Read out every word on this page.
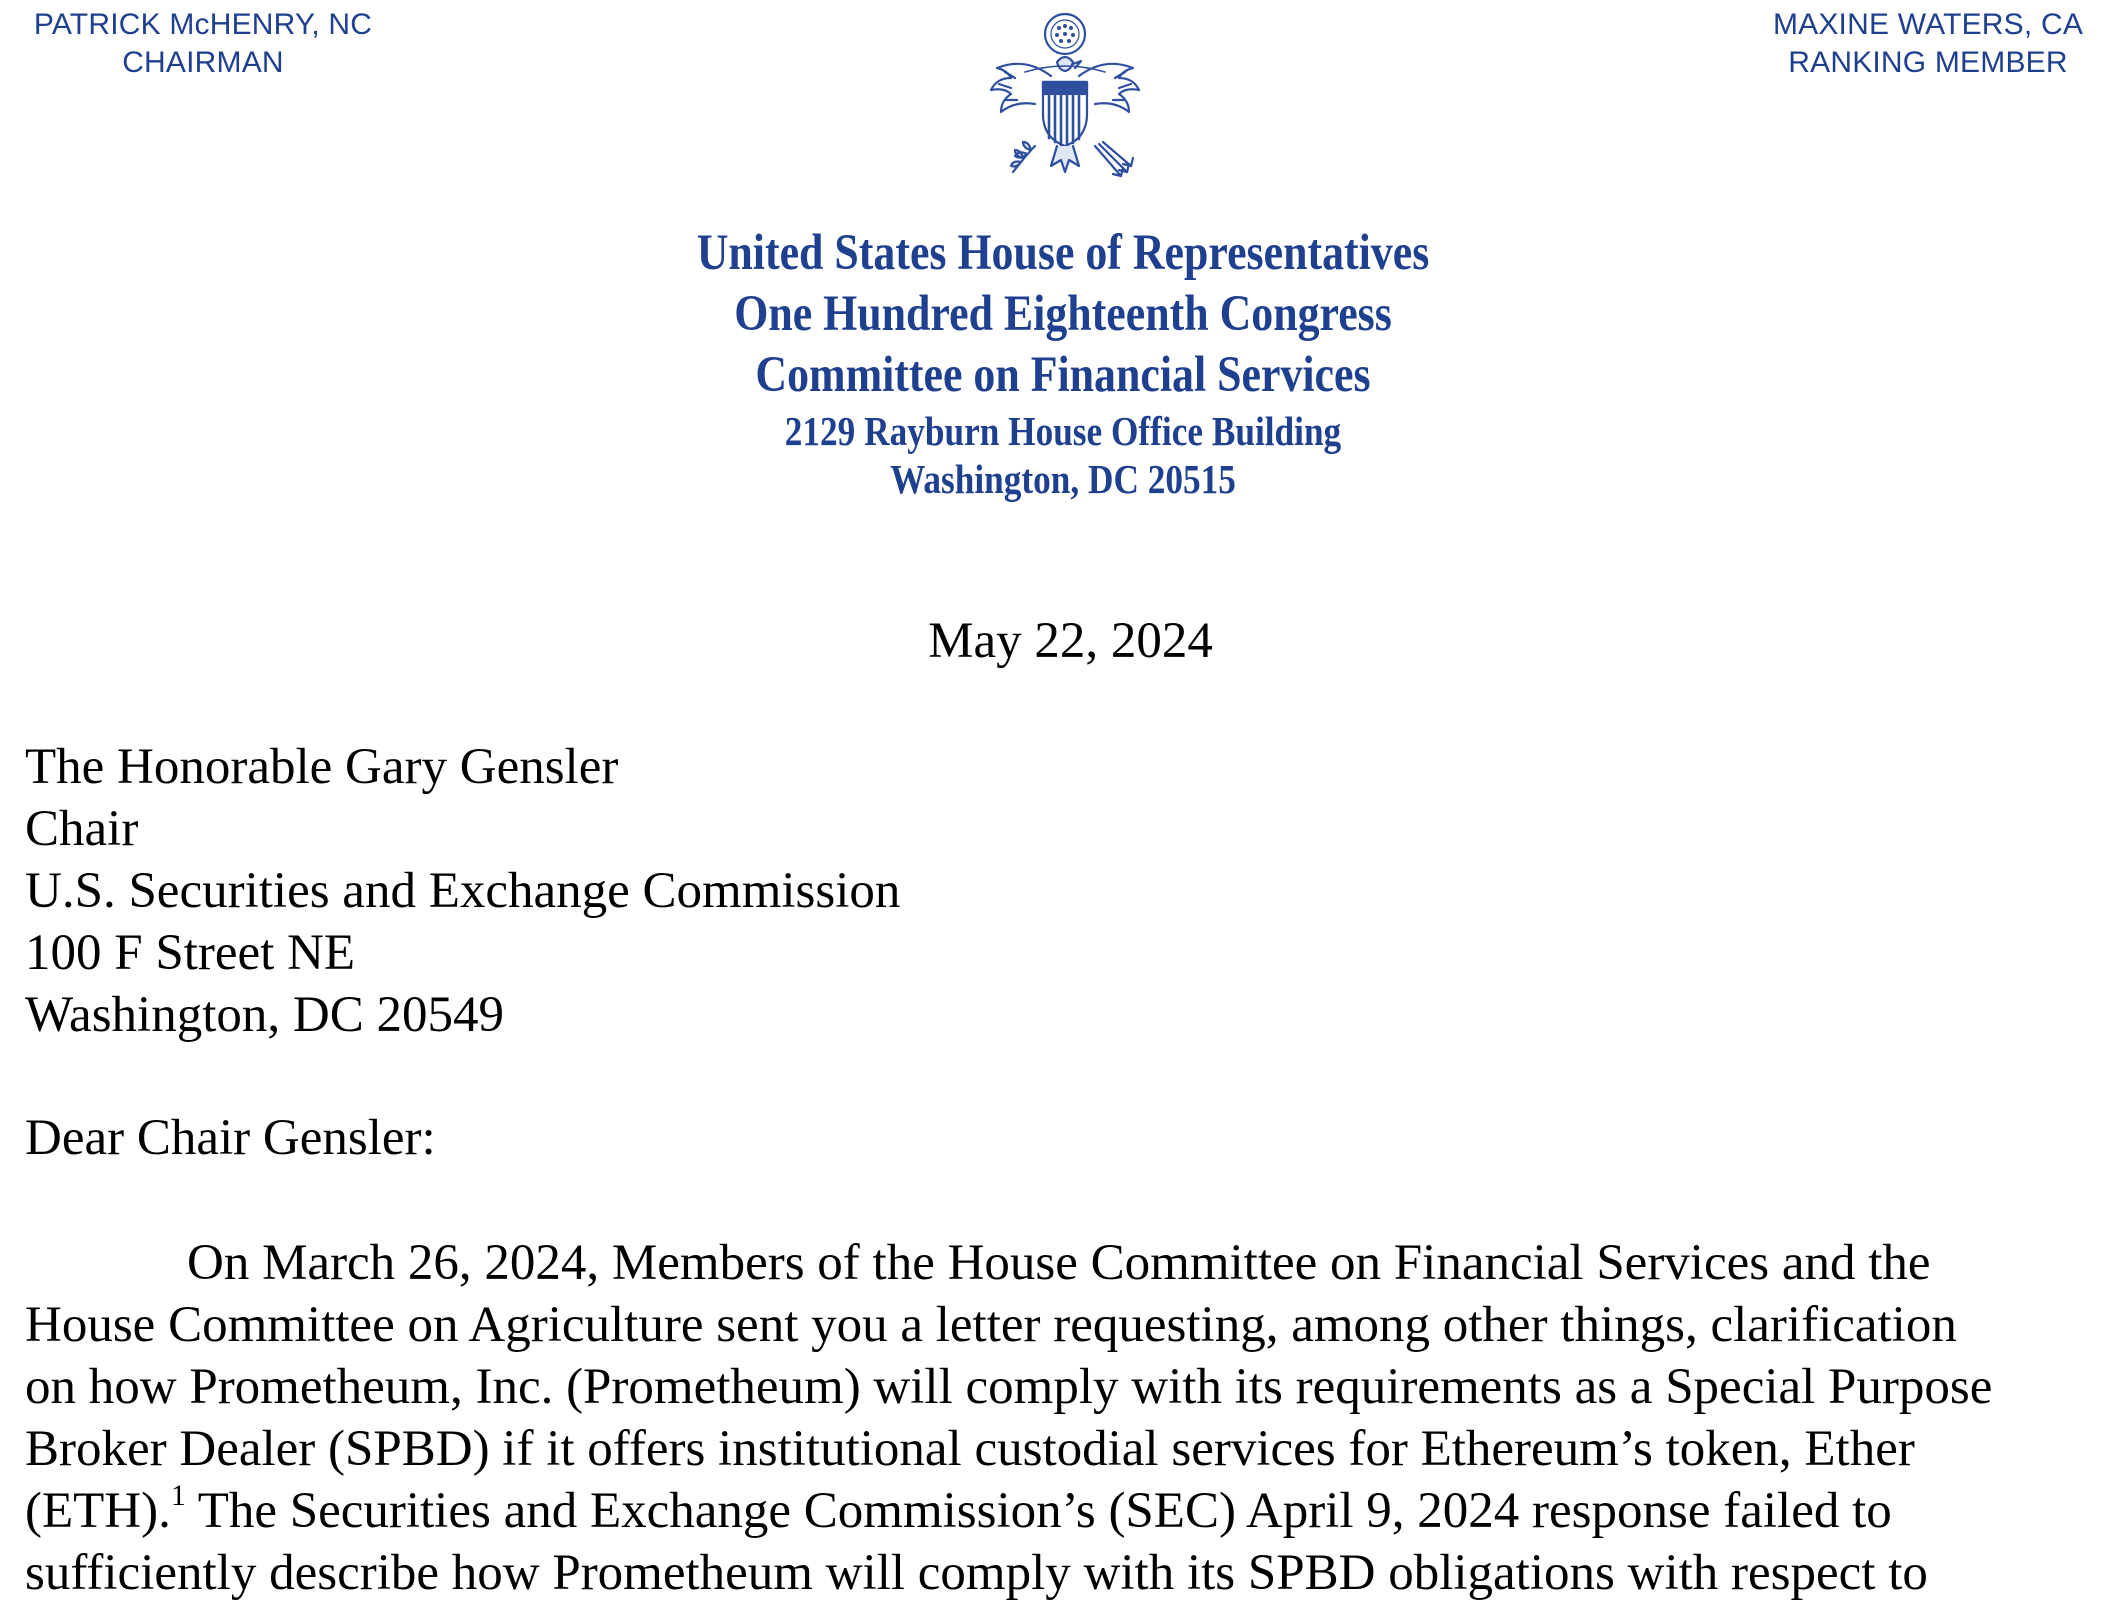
PATRICK McHENRY, NC
CHAIRMAN
MAXINE WATERS, CA
RANKING MEMBER
United States House of Representatives
One Hundred Eighteenth Congress
Committee on Financial Services
2129 Rayburn House Office Building
Washington, DC 20515
May 22, 2024
The Honorable Gary Gensler
Chair
U.S. Securities and Exchange Commission
100 F Street NE
Washington, DC 20549
Dear Chair Gensler:
On March 26, 2024, Members of the House Committee on Financial Services and the
House Committee on Agriculture sent you a letter requesting, among other things, clarification
on how Prometheum, Inc. (Prometheum) will comply with its requirements as a Special Purpose
Broker Dealer (SPBD) if it offers institutional custodial services for Ethereum’s token, Ether
(ETH).$^1$ The Securities and Exchange Commission’s (SEC) April 9, 2024 response failed to
sufficiently describe how Prometheum will comply with its SPBD obligations with respect to
